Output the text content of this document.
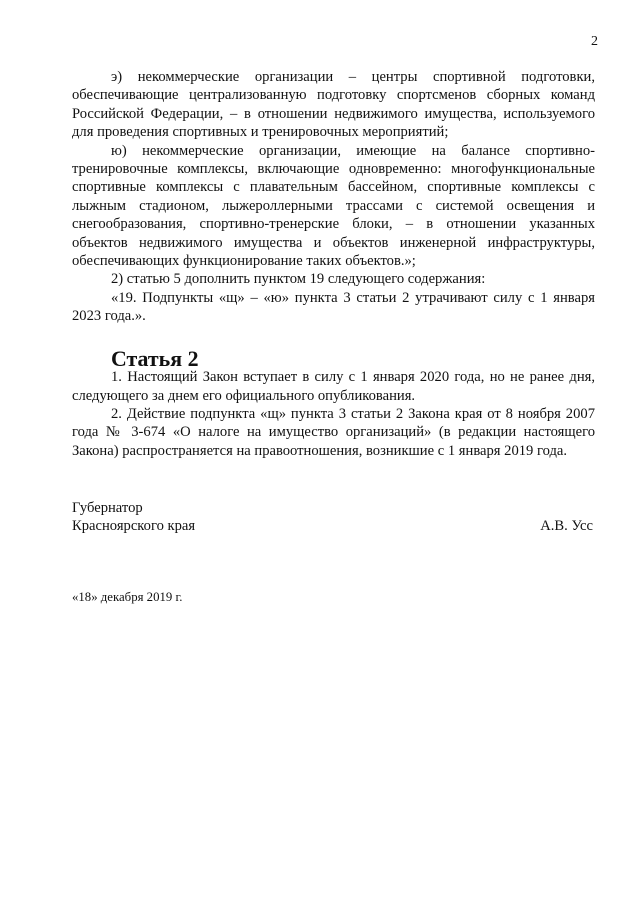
2

э) некоммерческие организации – центры спортивной подготовки, обеспечивающие централизованную подготовку спортсменов сборных команд Российской Федерации, – в отношении недвижимого имущества, используемого для проведения спортивных и тренировочных мероприятий;

ю) некоммерческие организации, имеющие на балансе спортивно-тренировочные комплексы, включающие одновременно: многофункциональные спортивные комплексы с плавательным бассейном, спортивные комплексы с лыжным стадионом, лыжероллерными трассами с системой освещения и снегообразования, спортивно-тренерские блоки, – в отношении указанных объектов недвижимого имущества и объектов инженерной инфраструктуры, обеспечивающих функционирование таких объектов.»;

2) статью 5 дополнить пунктом 19 следующего содержания:

«19. Подпункты «щ» – «ю» пункта 3 статьи 2 утрачивают силу с 1 января 2023 года.».

Статья 2

1. Настоящий Закон вступает в силу с 1 января 2020 года, но не ранее дня, следующего за днем его официального опубликования.

2. Действие подпункта «щ» пункта 3 статьи 2 Закона края от 8 ноября 2007 года № 3-674 «О налоге на имущество организаций» (в редакции настоящего Закона) распространяется на правоотношения, возникшие с 1 января 2019 года.

Губернатор
Красноярского края	А.В. Усс
«18» декабря 2019 г.
